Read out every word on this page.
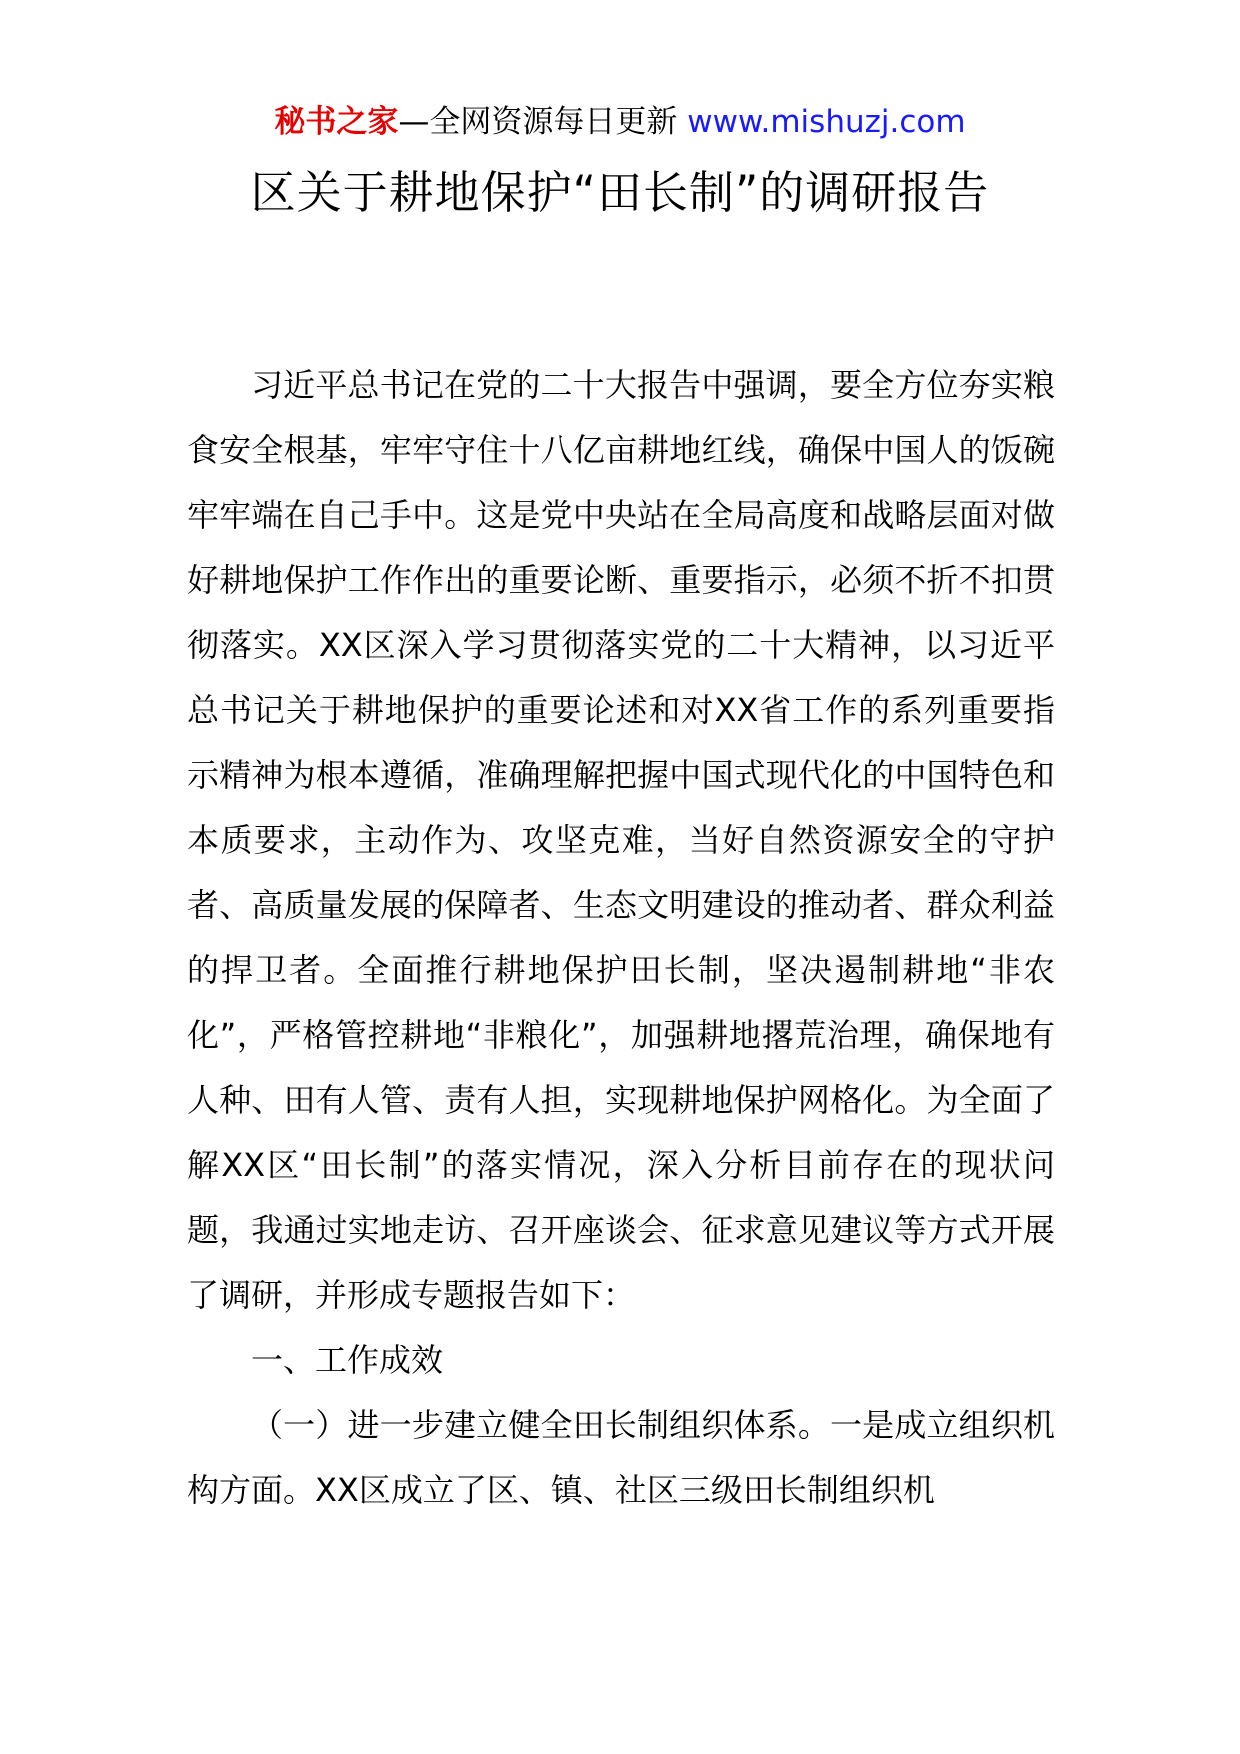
秘书之家—全网资源每日更新 www.mishuzj.com
区关于耕地保护“田长制”的调研报告

习近平总书记在党的二十大报告中强调，要全方位夯实粮食安全根基，牢牢守住十八亿亩耕地红线，确保中国人的饭碗牢牢端在自己手中。这是党中央站在全局高度和战略层面对做好耕地保护工作作出的重要论断、重要指示，必须不折不扣贯彻落实。XX区深入学习贯彻落实党的二十大精神，以习近平总书记关于耕地保护的重要论述和对XX省工作的系列重要指示精神为根本遵循，准确理解把握中国式现代化的中国特色和本质要求，主动作为、攻坚克难，当好自然资源安全的守护者、高质量发展的保障者、生态文明建设的推动者、群众利益的捍卫者。全面推行耕地保护田长制，坚决遏制耕地“非农化”，严格管控耕地“非粮化”，加强耕地撂荒治理，确保地有人种、田有人管、责有人担，实现耕地保护网格化。为全面了解XX区“田长制”的落实情况，深入分析目前存在的现状问题，我通过实地走访、召开座谈会、征求意见建议等方式开展了调研，并形成专题报告如下：

一、工作成效

（一）进一步建立健全田长制组织体系。一是成立组织机构方面。XX区成立了区、镇、社区三级田长制组织机
